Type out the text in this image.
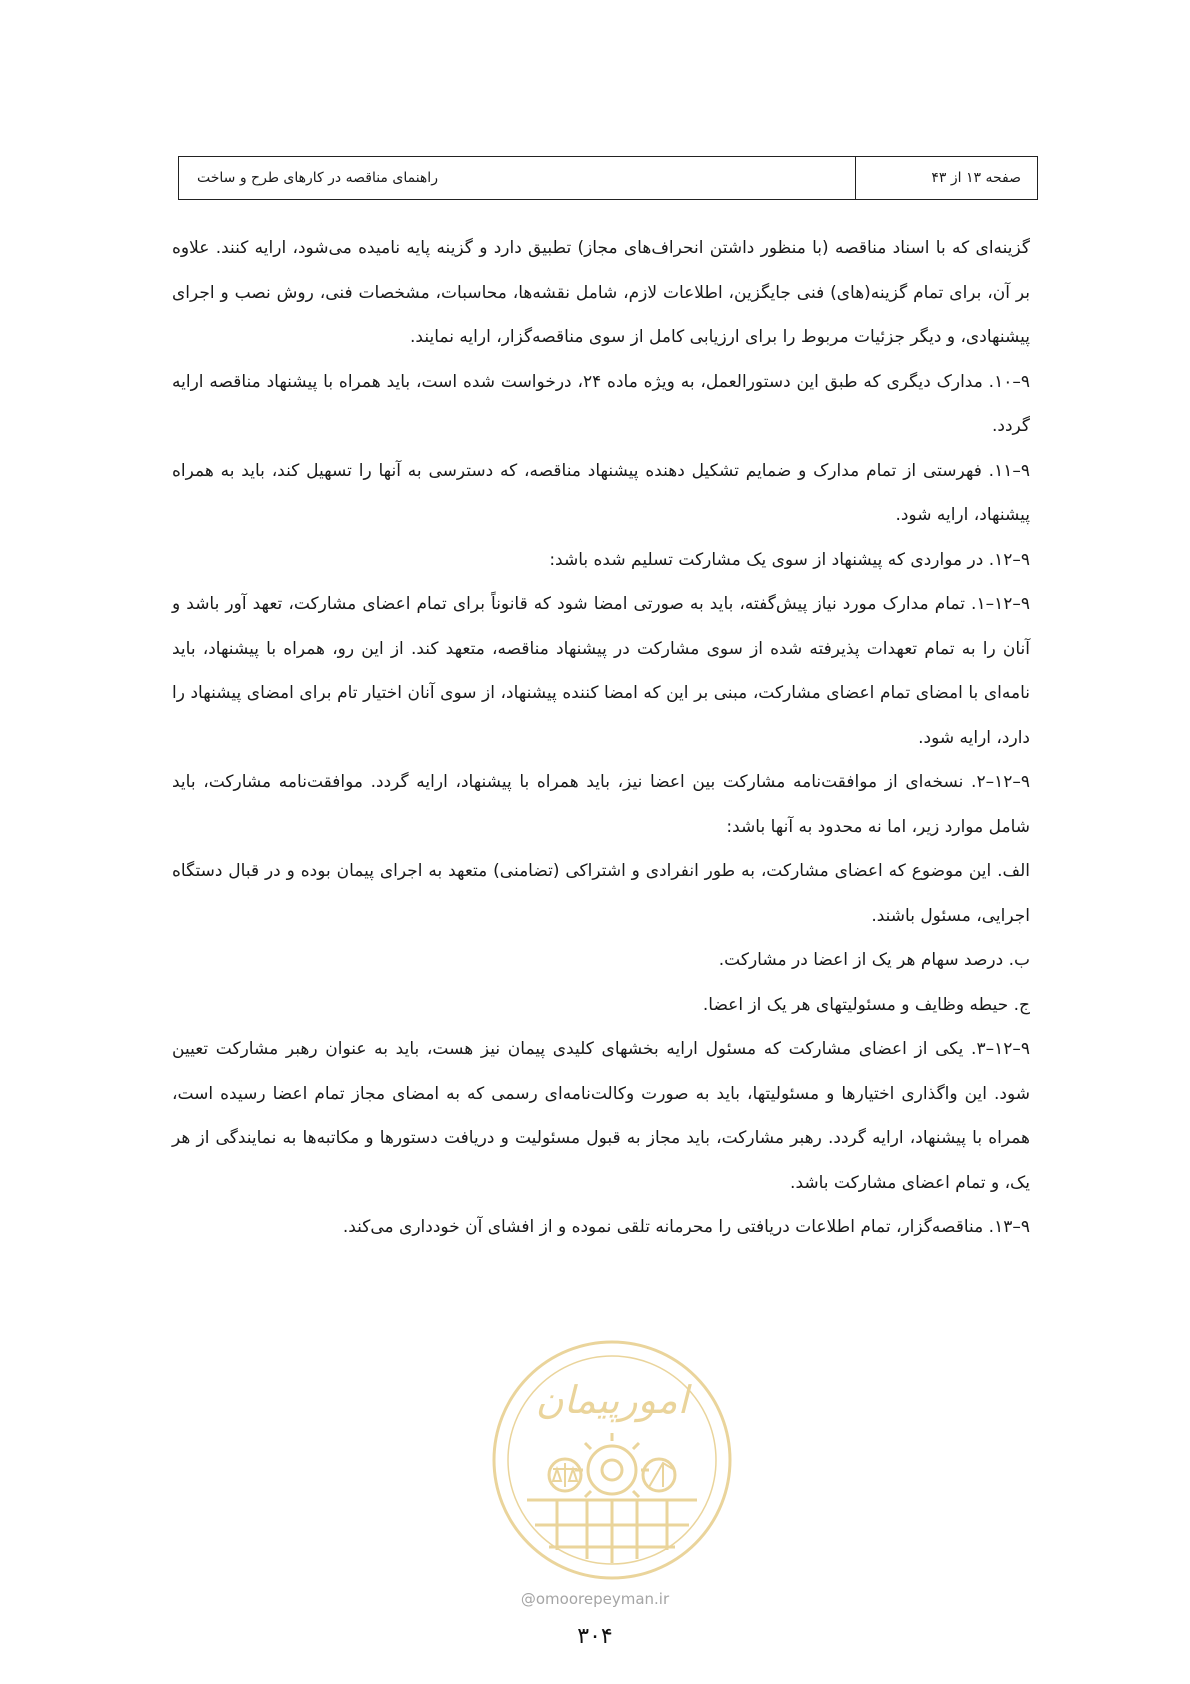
صفحه ۱۳ از ۴۳
راهنمای مناقصه در کارهای طرح و ساخت

گزینه‌ای که با اسناد مناقصه (با منظور داشتن انحراف‌های مجاز) تطبیق دارد و گزینه پایه نامیده می‌شود، ارایه کنند. علاوه بر آن، برای تمام گزینه(های) فنی جایگزین، اطلاعات لازم، شامل نقشه‌ها، محاسبات، مشخصات فنی، روش نصب و اجرای پیشنهادی، و دیگر جزئیات مربوط را برای ارزیابی کامل از سوی مناقصه‌گزار، ارایه نمایند.

۹–۱۰. مدارک دیگری که طبق این دستورالعمل، به ویژه ماده ۲۴، درخواست شده است، باید همراه با پیشنهاد مناقصه ارایه گردد.

۹–۱۱. فهرستی از تمام مدارک و ضمایم تشکیل دهنده پیشنهاد مناقصه، که دسترسی به آنها را تسهیل کند، باید به همراه پیشنهاد، ارایه شود.

۹–۱۲. در مواردی که پیشنهاد از سوی یک مشارکت تسلیم شده باشد:

۹–۱۲–۱. تمام مدارک مورد نیاز پیش‌گفته، باید به صورتی امضا شود که قانوناً برای تمام اعضای مشارکت، تعهد آور باشد و آنان را به تمام تعهدات پذیرفته شده از سوی مشارکت در پیشنهاد مناقصه، متعهد کند. از این رو، همراه با پیشنهاد، باید نامه‌ای با امضای تمام اعضای مشارکت، مبنی بر این که امضا کننده پیشنهاد، از سوی آنان اختیار تام برای امضای پیشنهاد را دارد، ارایه شود.

۹–۱۲–۲. نسخه‌ای از موافقت‌نامه مشارکت بین اعضا نیز، باید همراه با پیشنهاد، ارایه گردد. موافقت‌نامه مشارکت، باید شامل موارد زیر، اما نه محدود به آنها باشد:

الف. این موضوع که اعضای مشارکت، به طور انفرادی و اشتراکی (تضامنی) متعهد به اجرای پیمان بوده و در قبال دستگاه اجرایی، مسئول باشند.

ب. درصد سهام هر یک از اعضا در مشارکت.

ج. حیطه وظایف و مسئولیتهای هر یک از اعضا.

۹–۱۲–۳. یکی از اعضای مشارکت که مسئول ارایه بخشهای کلیدی پیمان نیز هست، باید به عنوان رهبر مشارکت تعیین شود. این واگذاری اختیارها و مسئولیتها، باید به صورت وکالت‌نامه‌ای رسمی که به امضای مجاز تمام اعضا رسیده است، همراه با پیشنهاد، ارایه گردد. رهبر مشارکت، باید مجاز به قبول مسئولیت و دریافت دستورها و مکاتبه‌ها به نمایندگی از هر یک، و تمام اعضای مشارکت باشد.

۹–۱۳. مناقصه‌گزار، تمام اطلاعات دریافتی را محرمانه تلقی نموده و از افشای آن خودداری می‌کند.

امورپیمان
@omoorepeyman.ir
۳۰۴
